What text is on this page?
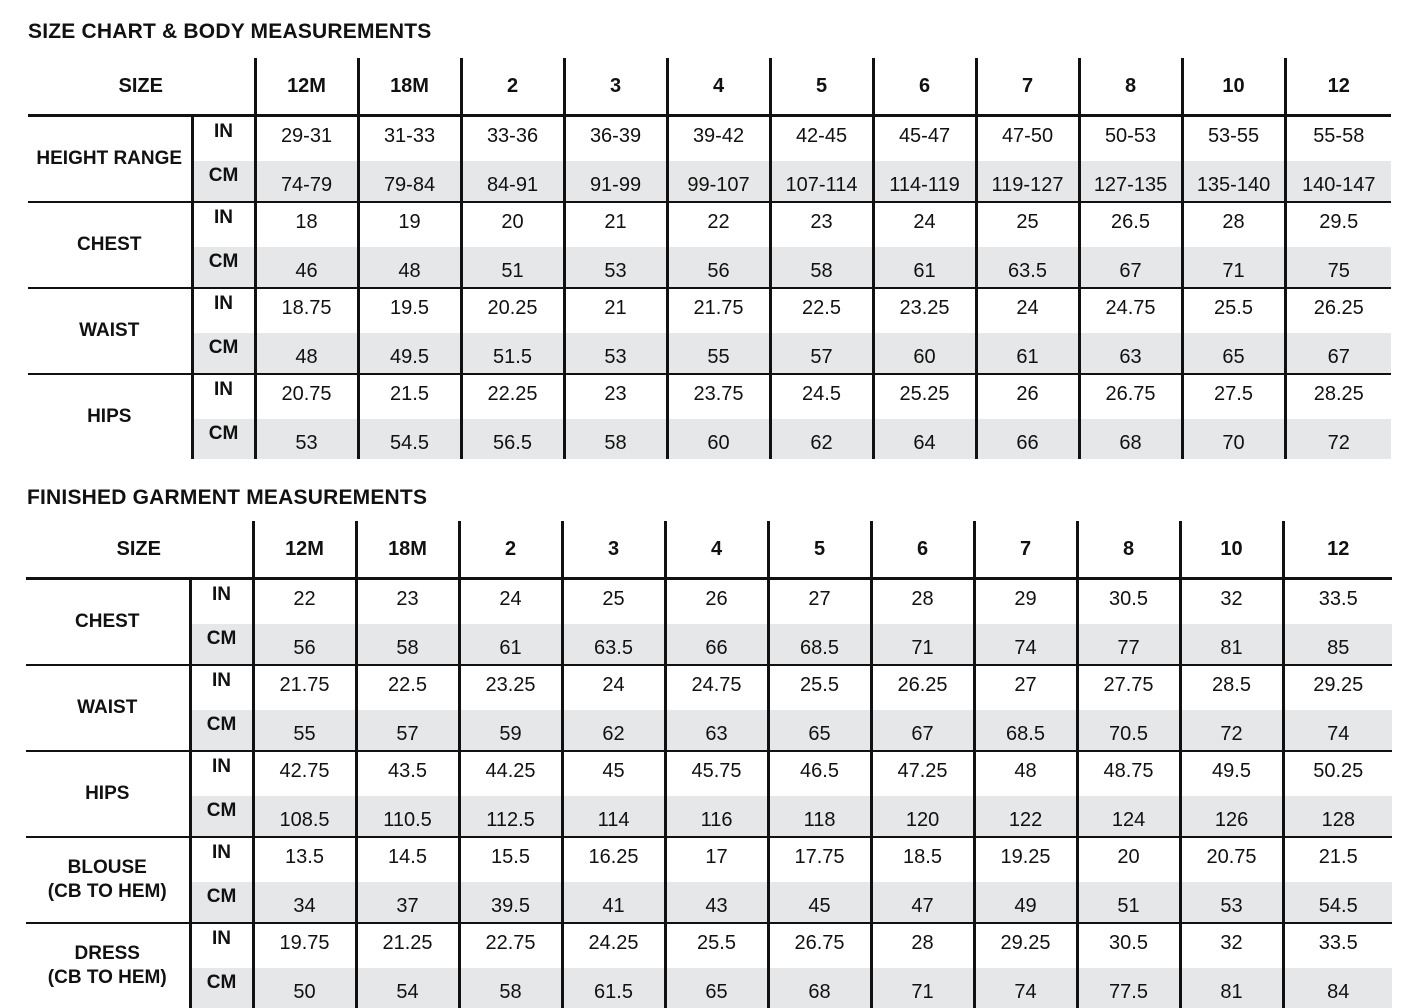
SIZE CHART & BODY MEASUREMENTS
SIZE		12M	18M	2	3	4	5	6	7	8	10	12
HEIGHT RANGE	IN	29-31	31-33	33-36	36-39	39-42	42-45	45-47	47-50	50-53	53-55	55-58
	CM	74-79	79-84	84-91	91-99	99-107	107-114	114-119	119-127	127-135	135-140	140-147
CHEST	IN	18	19	20	21	22	23	24	25	26.5	28	29.5
	CM	46	48	51	53	56	58	61	63.5	67	71	75
WAIST	IN	18.75	19.5	20.25	21	21.75	22.5	23.25	24	24.75	25.5	26.25
	CM	48	49.5	51.5	53	55	57	60	61	63	65	67
HIPS	IN	20.75	21.5	22.25	23	23.75	24.5	25.25	26	26.75	27.5	28.25
	CM	53	54.5	56.5	58	60	62	64	66	68	70	72
FINISHED GARMENT MEASUREMENTS
SIZE		12M	18M	2	3	4	5	6	7	8	10	12
CHEST	IN	22	23	24	25	26	27	28	29	30.5	32	33.5
	CM	56	58	61	63.5	66	68.5	71	74	77	81	85
WAIST	IN	21.75	22.5	23.25	24	24.75	25.5	26.25	27	27.75	28.5	29.25
	CM	55	57	59	62	63	65	67	68.5	70.5	72	74
HIPS	IN	42.75	43.5	44.25	45	45.75	46.5	47.25	48	48.75	49.5	50.25
	CM	108.5	110.5	112.5	114	116	118	120	122	124	126	128
BLOUSE
(CB TO HEM)	IN	13.5	14.5	15.5	16.25	17	17.75	18.5	19.25	20	20.75	21.5
	CM	34	37	39.5	41	43	45	47	49	51	53	54.5
DRESS
(CB TO HEM)	IN	19.75	21.25	22.75	24.25	25.5	26.75	28	29.25	30.5	32	33.5
	CM	50	54	58	61.5	65	68	71	74	77.5	81	84
